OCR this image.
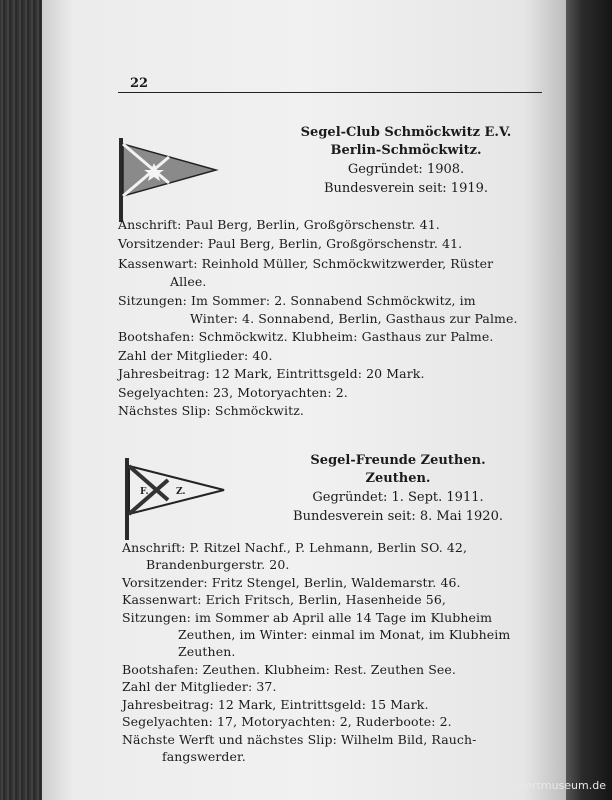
22
Segel-Club Schmöckwitz E.V.
Berlin-Schmöckwitz.
Gegründet: 1908.
Bundesverein seit: 1919.
Anschrift: Paul Berg, Berlin, Großgörschenstr. 41.
Vorsitzender: Paul Berg, Berlin, Großgörschenstr. 41.
Kassenwart: Reinhold Müller, Schmöckwitzwerder, Rüster
Allee.
Sitzungen: Im Sommer: 2. Sonnabend Schmöckwitz, im
Winter: 4. Sonnabend, Berlin, Gasthaus zur Palme.
Bootshafen: Schmöckwitz. Klubheim: Gasthaus zur Palme.
Zahl der Mitglieder: 40.
Jahresbeitrag: 12 Mark, Eintrittsgeld: 20 Mark.
Segelyachten: 23, Motoryachten: 2.
Nächstes Slip: Schmöckwitz.
F.	Z.
Segel-Freunde Zeuthen.
Zeuthen.
Gegründet: 1. Sept. 1911.
Bundesverein seit: 8. Mai 1920.
Anschrift: P. Ritzel Nachf., P. Lehmann, Berlin SO. 42,
Brandenburgerstr. 20.
Vorsitzender: Fritz Stengel, Berlin, Waldemarstr. 46.
Kassenwart: Erich Fritsch, Berlin, Hasenheide 56,
Sitzungen: im Sommer ab April alle 14 Tage im Klubheim
Zeuthen, im Winter: einmal im Monat, im Klubheim
Zeuthen.
Bootshafen: Zeuthen. Klubheim: Rest. Zeuthen See.
Zahl der Mitglieder: 37.
Jahresbeitrag: 12 Mark, Eintrittsgeld: 15 Mark.
Segelyachten: 17, Motoryachten: 2, Ruderboote: 2.
Nächste Werft und nächstes Slip: Wilhelm Bild, Rauch-
fangswerder.
© yachtsportmuseum.de
